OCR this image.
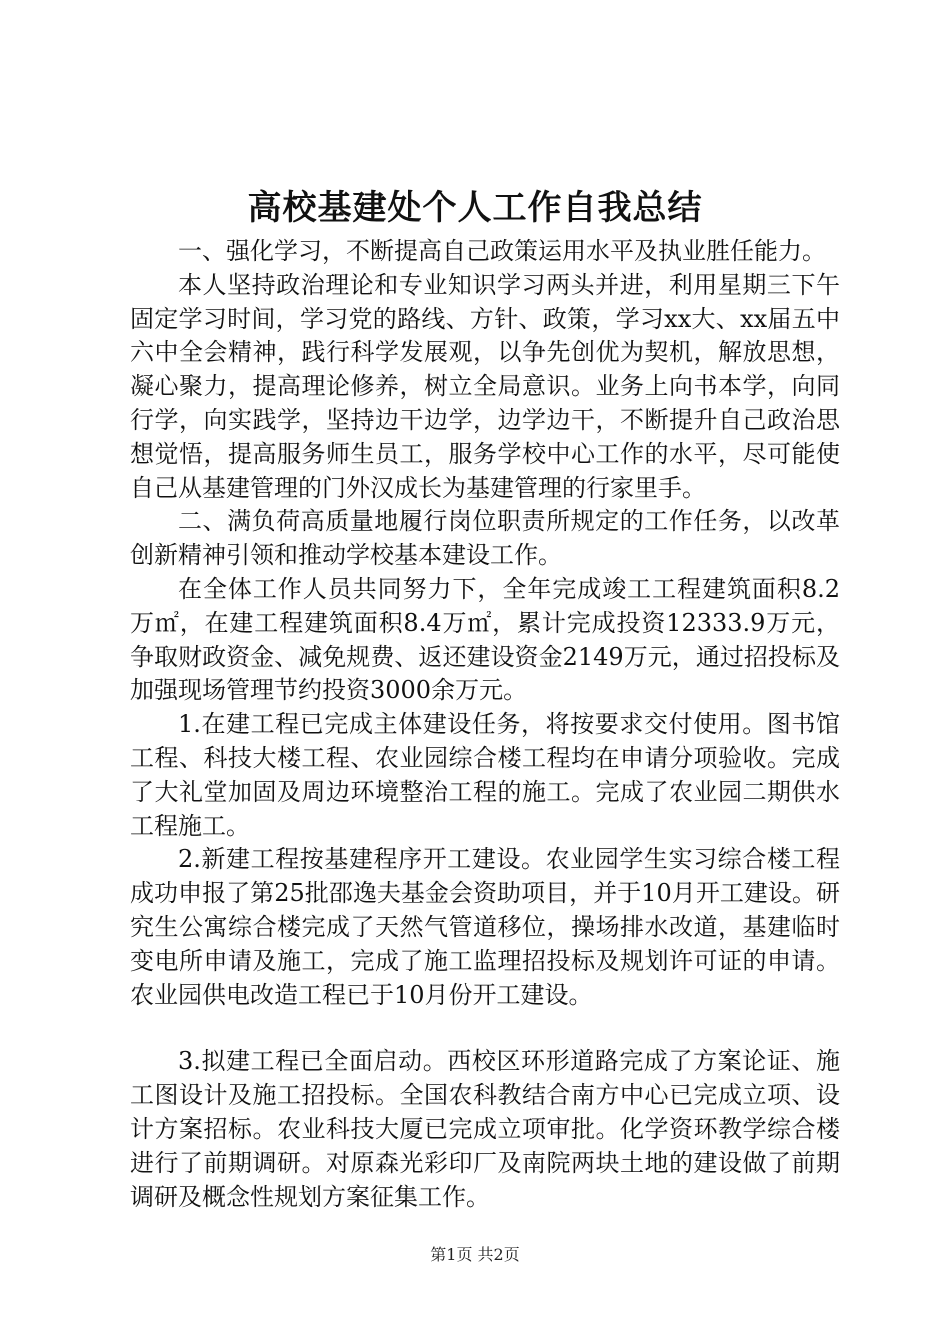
高校基建处个人工作自我总结

一、强化学习，不断提高自己政策运用水平及执业胜任能力。

本人坚持政治理论和专业知识学习两头并进，利用星期三下午固定学习时间，学习党的路线、方针、政策，学习xx大、xx届五中六中全会精神，践行科学发展观，以争先创优为契机，解放思想，凝心聚力，提高理论修养，树立全局意识。业务上向书本学，向同行学，向实践学，坚持边干边学，边学边干，不断提升自己政治思想觉悟，提高服务师生员工，服务学校中心工作的水平，尽可能使自己从基建管理的门外汉成长为基建管理的行家里手。

二、满负荷高质量地履行岗位职责所规定的工作任务，以改革创新精神引领和推动学校基本建设工作。

在全体工作人员共同努力下，全年完成竣工工程建筑面积8.2万㎡，在建工程建筑面积8.4万㎡，累计完成投资12333.9万元，争取财政资金、减免规费、返还建设资金2149万元，通过招投标及加强现场管理节约投资3000余万元。

1.在建工程已完成主体建设任务，将按要求交付使用。图书馆工程、科技大楼工程、农业园综合楼工程均在申请分项验收。完成了大礼堂加固及周边环境整治工程的施工。完成了农业园二期供水工程施工。

2.新建工程按基建程序开工建设。农业园学生实习综合楼工程成功申报了第25批邵逸夫基金会资助项目，并于10月开工建设。研究生公寓综合楼完成了天然气管道移位，操场排水改道，基建临时变电所申请及施工，完成了施工监理招投标及规划许可证的申请。农业园供电改造工程已于10月份开工建设。

3.拟建工程已全面启动。西校区环形道路完成了方案论证、施工图设计及施工招投标。全国农科教结合南方中心已完成立项、设计方案招标。农业科技大厦已完成立项审批。化学资环教学综合楼进行了前期调研。对原森光彩印厂及南院两块土地的建设做了前期调研及概念性规划方案征集工作。

第1页 共2页
